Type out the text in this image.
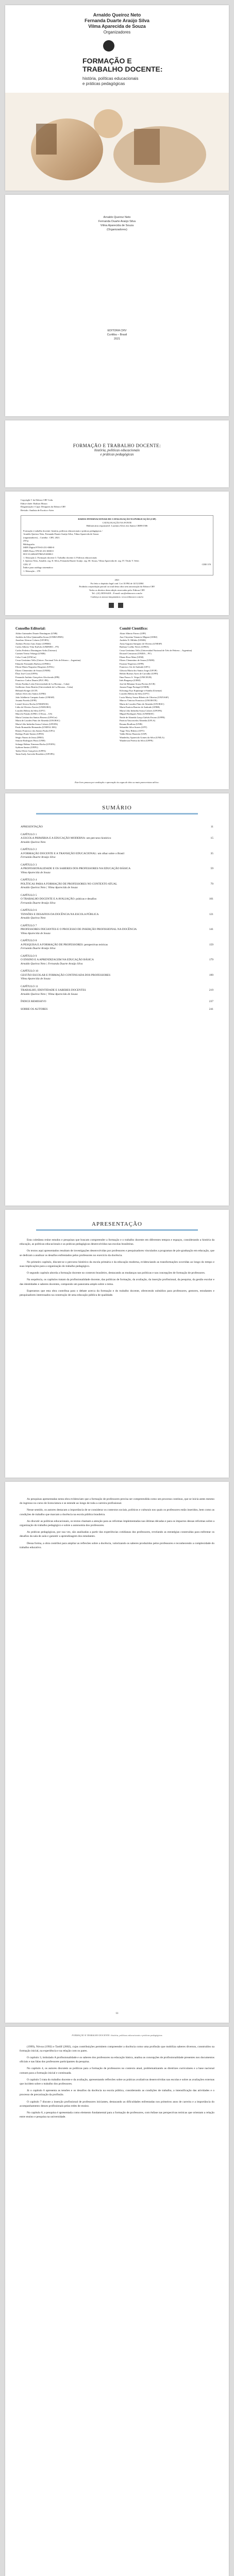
Arnaldo Queiroz Neto
Fernanda Duarte Araújo Silva
Vilma Aparecida de Souza
Organizadores
FORMAÇÃO E
TRABALHO DOCENTE:
história, políticas educacionais
e práticas pedagógicas
Arnaldo Queiroz Neto
Fernanda Duarte Araújo Silva
Vilma Aparecida de Souza
(Organizadores)
EDITORA CRV
Curitiba – Brasil
2021
FORMAÇÃO E TRABALHO DOCENTE:
história, políticas educacionais
e práticas pedagógicas
Copyright © da Editora CRV Ltda.
Editor-chefe: Railson Moura
Diagramação e Capa: Designers da Editora CRV
Revisão: Analista de Escrita e Artes
DADOS INTERNACIONAIS DE CATALOGAÇÃO NA PUBLICAÇÃO (CIP)
CATALOGAÇÃO NA FONTE
Bibliotecária responsável: Luzenira Alves dos Santos CRB9/1506
Formação e trabalho docente: história, políticas educacionais e práticas pedagógicas /
Arnaldo Queiroz Neto, Fernanda Duarte Araújo Silva, Vilma Aparecida de Souza
(organizadores) – Curitiba : CRV, 2021.
250 p.
Bibliografia
ISBN Digital 978-65-251-0000-0
ISBN Físico 978-65-251-0000-0
DOI 10.24824/978652510000.0
1. Educação 2. Formação docente 3. Trabalho docente 4. Políticas educacionais
I. Queiroz Neto, Arnaldo. org. II. Silva, Fernanda Duarte Araújo. org. III. Souza, Vilma Aparecida de. org. IV. Título V. Série.
CDU 37	CDD 370
Índice para catálogo sistemático
1. Educação – 370
2021
Foi feito o depósito legal conf. Lei 10.994 de 14/12/2004
Proibida a reprodução parcial ou total desta obra sem autorização da Editora CRV
Todos os direitos desta edição reservados pela: Editora CRV
Tel.: (41) 3039-6418 – E-mail: sac@editoracrv.com.br
Conheça os nossos lançamentos: www.editoracrv.com.br

Conselho Editorial:
Aldira Guimarães Duarte Domínguez (UNB)
Andréia da Silva Quintanilha Sousa (UNIR/UFRN)
Anselmo Alencar Colares (UFOPA)
Antônio Pereira Gaio Júnior (UFRRJ)
Carlos Alberto Vilar Estêvão (UMINHO – PT)
Carlos Federico Dominguez Avila (Unieuro)
Carmen Tereza Velanga (UNIR)
Celso Conti (UFSCar)
Cesar Gerónimo Tello (Univer .Nacional Três de Febrero – Argentina)
Eduardo Fernandes Barbosa (UFMG)
Elione Maria Nogueira Diogenes (UFAL)
Elizeu Clementino de Souza (UNEB)
Élsio José Corá (UFFS)
Fernando Antônio Gonçalves Alcoforado (IPB)
Francisco Carlos Duarte (PUC-PR)
Gloria Fariñas León (Universidade de La Havana – Cuba)
Guillermo Arias Beatón (Universidade de La Havana – Cuba)
Helmuth Krüger (UCP)
Jailson Alves dos Santos (UFRJ)
João Adalberto Campato Junior (UNESP)
Josania Portela (UFPI)
Leonel Severo Rocha (UNISINOS)
Lídia de Oliveira Xavier (UNIEURO)
Lourdes Helena da Silva (UFV)
Marcelo Paixão (UFRJ e UTexas – US)
Maria Cristina dos Santos Bezerra (UFSCar)
Maria de Lourdes Pinto de Almeida (UNOESC)
Maria Lília Imbiriba Sousa Colares (UFOPA)
Paulo Romualdo Hernandes (UNIFAL-MG)
Renato Francisco dos Santos Paula (UFG)
Rodrigo Pratte-Santos (UFES)
Sérgio Nunes de Jesus (IFRO)
Simone Rodrigues Pinto (UNB)
Solange Helena Ximenes-Rocha (UFOPA)
Sydione Santos (UEPG)
Tadeu Oliver Gonçalves (UFPA)
Tania Suely Azevedo Brasileiro (UFOPA)
Comitê Científico:
Altair Alberto Fávero (UPF)
Ana Chrystina Venancio Mignot (UERJ)
Andréia N. Militão (UEMS)
Anna Augusta Sampaio de Oliveira (UNESP)
Barbara Coelho Neves (UFBA)
Cesar Gerónimo Tello (Universidad Nacional de Três de Febrero – Argentina)
Diosnel Centurion (UNIDA – PY)
Eliane Rose Maio (UEM)
Elizeu Clementino de Souza (UNEB)
Fauston Negreiros (UFPI)
Francisco Ari de Andrade (UFC)
Gláucia Maria dos Santos Jorge (UFOP)
Helder Buenos Aires de Carvalho (UFPI)
Ilma Passos A. Veiga (UNICEUB)
Inês Bragança (UERJ)
José de Ribamar Sousa Pereira (UCB)
Jussara Fraga Portugal (UNEB)
Kilwangy Kya Kapitango-a-Samba (Unemat)
Lourdes Helena da Silva (UFV)
Lucia Marisy Souza Ribeiro de Oliveira (UNIVASF)
Marcos Vinicius Francisco (UNOESTE)
Maria de Lourdes Pinto de Almeida (UNOESC)
Maria Eurácia Barreto de Andrade (UFRB)
Maria Lília Imbiriba Sousa Colares (UFOPA)
Míguel Rodrigues Netto (UNEMAT)
Neide de Almeida Lança Galvão Favaro (UFPR)
Patrícia Vasconcelos Almeida (UFLA)
Rosana Boullosa (UNB)
Sebastião Silva Soares (UFT)
Tiago Nery Ribeiro (UFV)
Valdir Heitor Barzotto (USP)
Wanderley Aparecido Gomes da Silva (UNILA)
Wanderson Pereira da Silva (UFPE)
Este livro passou por avaliação e aprovação às cegas de dois ou mais pareceristas ad hoc.
SUMÁRIO
APRESENTAÇÃO	11
CAPÍTULO 1
A ESCOLA PRIMÁRIA E A EDUCAÇÃO MODERNA: um percurso histórico	15
Arnaldo Queiroz Neto
CAPÍTULO 2
A FORMAÇÃO DOCENTE E A TRANSIÇÃO EDUCACIONAL: um olhar sobre o Brasil	35
Fernanda Duarte Araújo Silva
CAPÍTULO 3
A PROFISSIONALIDADE E OS SABERES DOS PROFESSORES NA EDUCAÇÃO BÁSICA	59
Vilma Aparecida de Souza
CAPÍTULO 4
POLÍTICAS PARA A FORMAÇÃO DE PROFESSORES NO CONTEXTO ATUAL	79
Arnaldo Queiroz Neto | Vilma Aparecida de Souza
CAPÍTULO 5
O TRABALHO DOCENTE E A AVALIAÇÃO: práticas e desafios	101
Fernanda Duarte Araújo Silva
CAPÍTULO 6
TENSÕES E DESAFIOS DA DOCÊNCIA NA ESCOLA PÚBLICA	121
Arnaldo Queiroz Neto
CAPÍTULO 7
PROFESSORES INICIANTES E O PROCESSO DE INSERÇÃO PROFISSIONAL NA DOCÊNCIA	141
Vilma Aparecida de Souza
CAPÍTULO 8
A PESQUISA E A FORMAÇÃO DE PROFESSORES: perspectivas teóricas	159
Fernanda Duarte Araújo Silva
CAPÍTULO 9
O ENSINO E A APRENDIZAGEM NA EDUCAÇÃO BÁSICA	179
Arnaldo Queiroz Neto | Fernanda Duarte Araújo Silva
CAPÍTULO 10
GESTÃO ESCOLAR E FORMAÇÃO CONTINUADA DOS PROFESSORES	199
Vilma Aparecida de Souza
CAPÍTULO 11
TRABALHO, IDENTIDADE E SABERES DOCENTES	219
Arnaldo Queiroz Neto | Vilma Aparecida de Souza
ÍNDICE REMISSIVO	237
SOBRE OS AUTORES	241
APRESENTAÇÃO

Esta coletânea reúne estudos e pesquisas que buscam compreender a formação e o trabalho docente em diferentes tempos e espaços, considerando a história da educação, as políticas educacionais e as práticas pedagógicas desenvolvidas nas escolas brasileiras.

Os textos aqui apresentados resultam de investigações desenvolvidas por professores e pesquisadores vinculados a programas de pós-graduação em educação, que se dedicam a analisar os desafios enfrentados pelos professores no exercício da docência.

No primeiro capítulo, discute-se o percurso histórico da escola primária e da educação moderna, evidenciando as transformações ocorridas ao longo do tempo e suas implicações para a organização do trabalho pedagógico.

O segundo capítulo aborda a formação docente no contexto brasileiro, destacando as mudanças nas políticas e nas concepções de formação de professores.

Na sequência, os capítulos tratam da profissionalidade docente, das políticas de formação, da avaliação, da inserção profissional, da pesquisa, da gestão escolar e das identidades e saberes docentes, compondo um panorama amplo sobre o tema.

Esperamos que esta obra contribua para o debate acerca da formação e do trabalho docente, oferecendo subsídios para professores, gestores, estudantes e pesquisadores interessados na construção de uma educação pública de qualidade.

As pesquisas apresentadas nesta obra evidenciam que a formação de professores precisa ser compreendida como um processo contínuo, que se inicia antes mesmo do ingresso no curso de licenciatura e se estende ao longo de toda a carreira profissional.

Nesse sentido, os autores destacam a importância de se considerar os contextos sociais, políticos e culturais nos quais os professores estão inseridos, bem como as condições de trabalho que marcam a docência na escola pública brasileira.

Ao discutir as políticas educacionais, os textos chamam a atenção para as reformas implementadas nas últimas décadas e para os impactos dessas reformas sobre a organização do trabalho pedagógico e sobre a autonomia dos professores.

As práticas pedagógicas, por sua vez, são analisadas a partir das experiências cotidianas dos professores, revelando as estratégias construídas para enfrentar os desafios da sala de aula e garantir a aprendizagem dos estudantes.

Dessa forma, a obra contribui para ampliar as reflexões sobre a docência, valorizando os saberes produzidos pelos professores e reconhecendo a complexidade do trabalho educativo.

11
FORMAÇÃO E TRABALHO DOCENTE: história, políticas educacionais e práticas pedagógicas

(1999), Nóvoa (1992) e Tardif (2002), cujas contribuições permitem compreender a docência como uma profissão que mobiliza saberes diversos, construídos na formação inicial, na experiência e na relação com os pares.

O capítulo 3, intitulado A profissionalidade e os saberes dos professores na educação básica, analisa as concepções de profissionalidade presentes nos documentos oficiais e nas falas dos professores participantes da pesquisa.

No capítulo 4, os autores discutem as políticas para a formação de professores no contexto atual, problematizando as diretrizes curriculares e a base nacional comum para a formação inicial e continuada.

O capítulo 5 trata do trabalho docente e da avaliação, apresentando reflexões sobre as práticas avaliativas desenvolvidas nas escolas e sobre as avaliações externas que incidem sobre o trabalho dos professores.

Já o capítulo 6 apresenta as tensões e os desafios da docência na escola pública, considerando as condições de trabalho, a intensificação das atividades e o processo de precarização da profissão.

O capítulo 7 discute a inserção profissional de professores iniciantes, destacando as dificuldades enfrentadas nos primeiros anos de carreira e a importância do acompanhamento desses profissionais pelas redes de ensino.

No capítulo 8, a pesquisa é apresentada como elemento fundamental para a formação de professores, com ênfase nas perspectivas teóricas que orientam a relação entre ensino e pesquisa na universidade.
